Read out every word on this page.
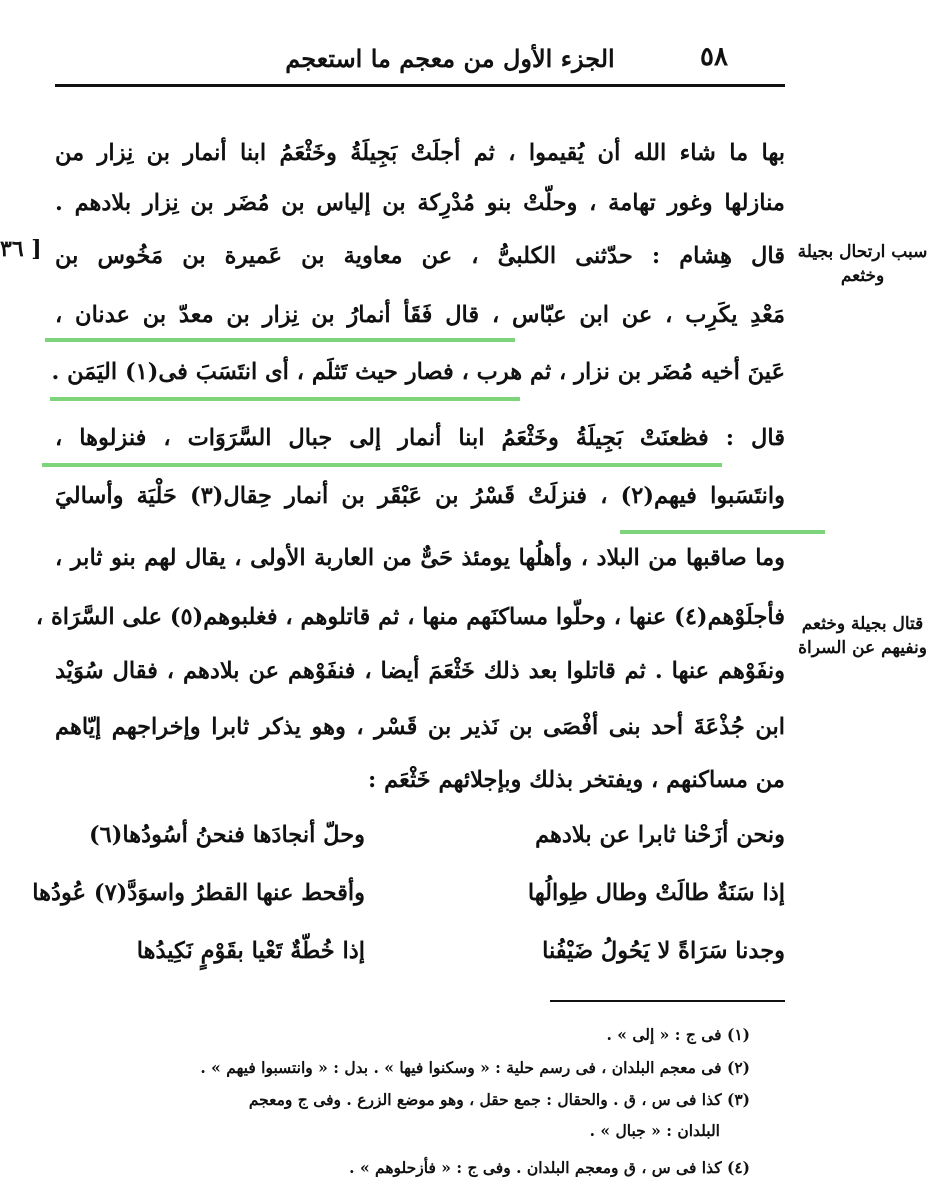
٥٨
الجزء الأول من معجم ما استعجم
[ ٣٦	سبب ارتحال بجيلة وخثعم
قتال بجيلة وخثعم ونفيهم عن السراة
بها ما شاء الله أن يُقيموا ، ثم أجلَتْ بَجِيلَةُ وخَثْعَمُ ابنا أنمار بن نِزار من
منازلها وغور تهامة ، وحلّتْ بنو مُدْرِكة بن إلياس بن مُضَر بن نِزار بلادهم .
قال هِشام : حدّثنى الكلبىُّ ، عن معاوية بن عَميرة بن مَخُوس بن
مَعْدِ يكَرِب ، عن ابن عبّاس ، قال فَقَأ أنمارُ بن نِزار بن معدّ بن عدنان ،
عَينَ أخيه مُضَر بن نزار ، ثم هرب ، فصار حيث تَثلَم ، أى انتَسَبَ فى(١) اليَمَن .
قال : فظعنَتْ بَجِيلَةُ وخَثْعَمُ ابنا أنمار إلى جبال السَّرَوَات ، فنزلوها ،
وانتَسَبوا فيهم(٢) ، فنزلَتْ قَسْرُ بن عَبْقَر بن أنمار حِقال(٣) حَلْيَة وأساليَ
وما صاقبها من البلاد ، وأهلُها يومئذ حَىٌّ من العاربة الأولى ، يقال لهم بنو ثابر ،
فأجلَوْهم(٤) عنها ، وحلّوا مساكنَهم منها ، ثم قاتلوهم ، فغلبوهم(٥) على السَّرَاة ،
ونفَوْهم عنها . ثم قاتلوا بعد ذلك خَثْعَمَ أيضا ، فنفَوْهم عن بلادهم ، فقال سُوَيْد
ابن جُذْعَةَ أحد بنى أفْصَى بن نَذير بن قَسْر ، وهو يذكر ثابرا وإخراجهم إيّاهم
من مساكنهم ، ويفتخر بذلك وبإجلائهم خَثْعَم :
ونحن أزَحْنا ثابرا عن بلادهم
وحلّ أنجادَها فنحنُ أسُودُها(٦)
إذا سَنَةٌ طالَتْ وطال طِوالُها
وأقحط عنها القطرُ واسوَدَّ(٧) عُودُها
وجدنا سَرَاةً لا يَحُولُ ضَيْفُنا
إذا خُطّةٌ تَعْيا بقَوْمٍ نَكِيدُها
(١) فى ج : « إلى » .
(٢) فى معجم البلدان ، فى رسم حلية : « وسكنوا فيها » . بدل : « وانتسبوا فيهم » .
(٣) كذا فى س ، ق . والحقال : جمع حقل ، وهو موضع الزرع . وفى ج ومعجم
البلدان : « جبال » .
(٤) كذا فى س ، ق ومعجم البلدان . وفى ج : « فأزحلوهم » .
